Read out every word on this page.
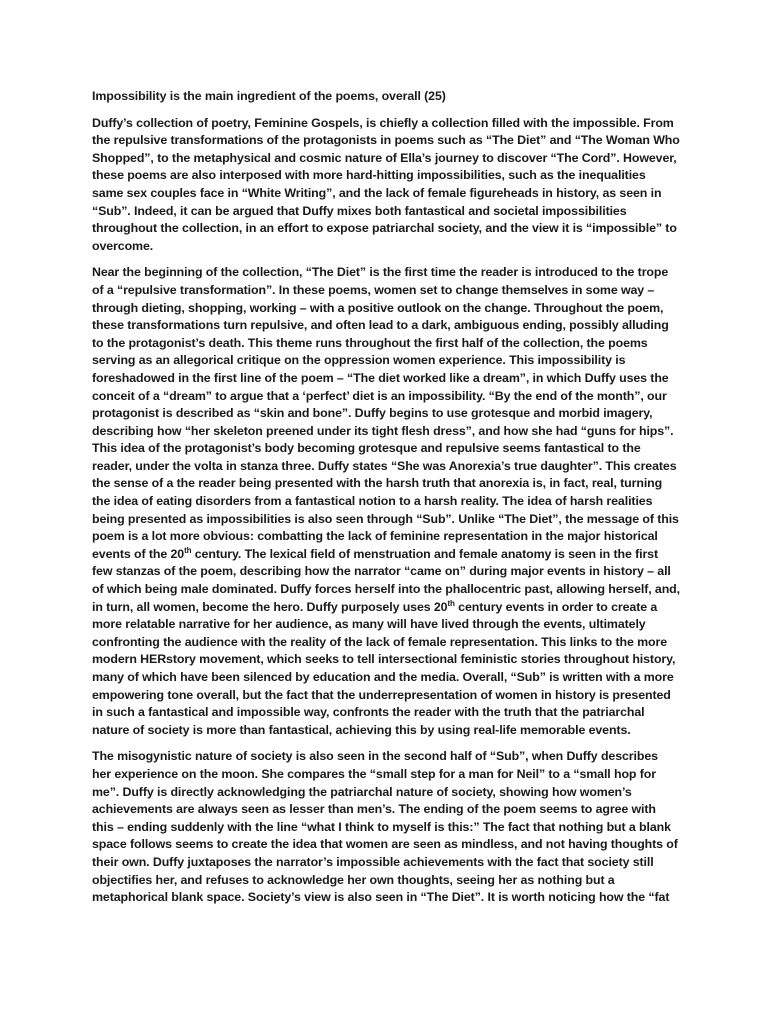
Impossibility is the main ingredient of the poems, overall (25)

Duffy’s collection of poetry, Feminine Gospels, is chiefly a collection filled with the impossible. From the repulsive transformations of the protagonists in poems such as “The Diet” and “The Woman Who Shopped”, to the metaphysical and cosmic nature of Ella’s journey to discover “The Cord”. However, these poems are also interposed with more hard-hitting impossibilities, such as the inequalities same sex couples face in “White Writing”, and the lack of female figureheads in history, as seen in “Sub”. Indeed, it can be argued that Duffy mixes both fantastical and societal impossibilities throughout the collection, in an effort to expose patriarchal society, and the view it is “impossible” to overcome.

Near the beginning of the collection, “The Diet” is the first time the reader is introduced to the trope of a “repulsive transformation”. In these poems, women set to change themselves in some way – through dieting, shopping, working – with a positive outlook on the change. Throughout the poem, these transformations turn repulsive, and often lead to a dark, ambiguous ending, possibly alluding to the protagonist’s death. This theme runs throughout the first half of the collection, the poems serving as an allegorical critique on the oppression women experience. This impossibility is foreshadowed in the first line of the poem – “The diet worked like a dream”, in which Duffy uses the conceit of a “dream” to argue that a ‘perfect’ diet is an impossibility. “By the end of the month”, our protagonist is described as “skin and bone”. Duffy begins to use grotesque and morbid imagery, describing how “her skeleton preened under its tight flesh dress”, and how she had “guns for hips”. This idea of the protagonist’s body becoming grotesque and repulsive seems fantastical to the reader, under the volta in stanza three. Duffy states “She was Anorexia’s true daughter”. This creates the sense of a the reader being presented with the harsh truth that anorexia is, in fact, real, turning the idea of eating disorders from a fantastical notion to a harsh reality. The idea of harsh realities being presented as impossibilities is also seen through “Sub”. Unlike “The Diet”, the message of this poem is a lot more obvious: combatting the lack of feminine representation in the major historical events of the 20th century. The lexical field of menstruation and female anatomy is seen in the first few stanzas of the poem, describing how the narrator “came on” during major events in history – all of which being male dominated. Duffy forces herself into the phallocentric past, allowing herself, and, in turn, all women, become the hero. Duffy purposely uses 20th century events in order to create a more relatable narrative for her audience, as many will have lived through the events, ultimately confronting the audience with the reality of the lack of female representation. This links to the more modern HERstory movement, which seeks to tell intersectional feministic stories throughout history, many of which have been silenced by education and the media. Overall, “Sub” is written with a more empowering tone overall, but the fact that the underrepresentation of women in history is presented in such a fantastical and impossible way, confronts the reader with the truth that the patriarchal nature of society is more than fantastical, achieving this by using real-life memorable events.

The misogynistic nature of society is also seen in the second half of “Sub”, when Duffy describes her experience on the moon. She compares the “small step for a man for Neil” to a “small hop for me”. Duffy is directly acknowledging the patriarchal nature of society, showing how women’s achievements are always seen as lesser than men’s. The ending of the poem seems to agree with this – ending suddenly with the line “what I think to myself is this:” The fact that nothing but a blank space follows seems to create the idea that women are seen as mindless, and not having thoughts of their own. Duffy juxtaposes the narrator’s impossible achievements with the fact that society still objectifies her, and refuses to acknowledge her own thoughts, seeing her as nothing but a metaphorical blank space. Society’s view is also seen in “The Diet”. It is worth noticing how the “fat
